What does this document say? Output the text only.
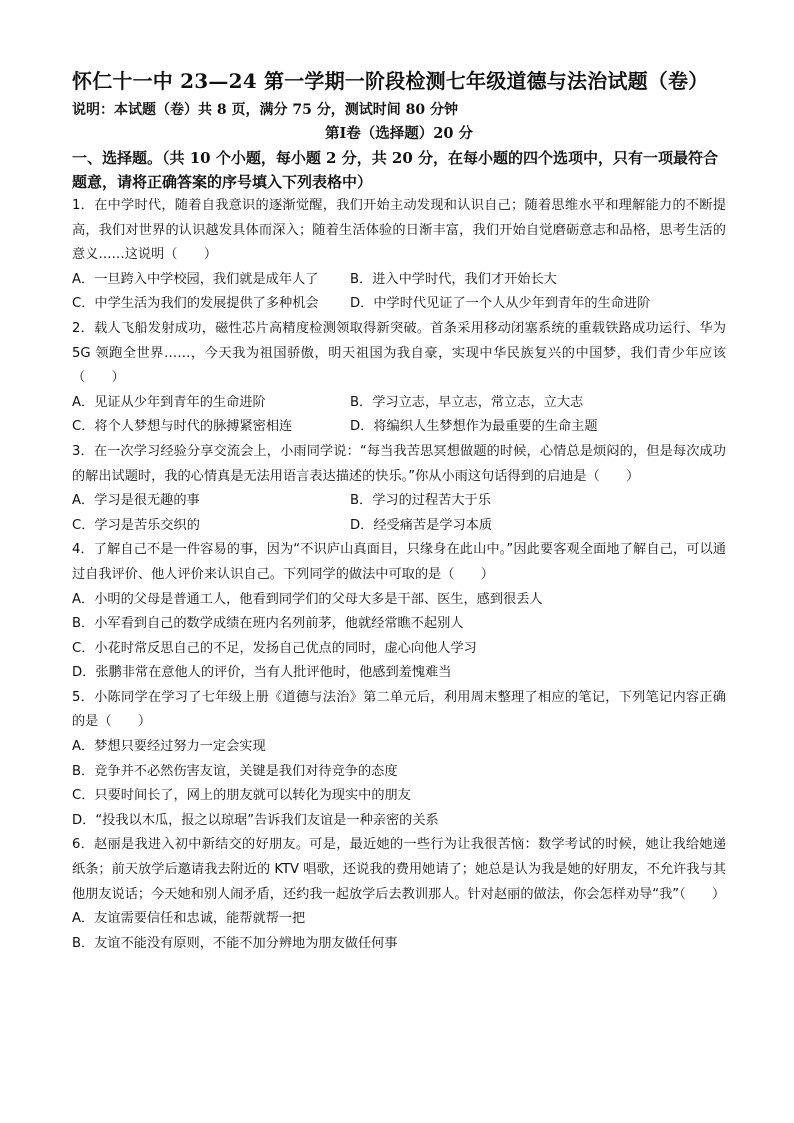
怀仁十一中 23—24 第一学期一阶段检测七年级道德与法治试题（卷）

说明：本试题（卷）共 8 页，满分 75 分，测试时间 80 分钟

第Ⅰ卷（选择题）20 分

一、选择题。（共 10 个小题，每小题 2 分，共 20 分，在每小题的四个选项中，只有一项最符合题意，请将正确答案的序号填入下列表格中）

1．在中学时代，随着自我意识的逐渐觉醒，我们开始主动发现和认识自己；随着思维水平和理解能力的不断提高，我们对世界的认识越发具体而深入；随着生活体验的日渐丰富，我们开始自觉磨砺意志和品格，思考生活的意义……这说明（　　）

A．一旦跨入中学校园，我们就是成年人了	B．进入中学时代，我们才开始长大
C．中学生活为我们的发展提供了多种机会	D．中学时代见证了一个人从少年到青年的生命进阶

2．载人飞船发射成功，磁性芯片高精度检测领取得新突破。首条采用移动闭塞系统的重载铁路成功运行、华为 5G 领跑全世界……，今天我为祖国骄傲，明天祖国为我自豪，实现中华民族复兴的中国梦，我们青少年应该（　　）

A．见证从少年到青年的生命进阶	B．学习立志，早立志，常立志，立大志
C．将个人梦想与时代的脉搏紧密相连	D．将编织人生梦想作为最重要的生命主题

3．在一次学习经验分享交流会上，小雨同学说：“每当我苦思冥想做题的时候，心情总是烦闷的，但是每次成功的解出试题时，我的心情真是无法用语言表达描述的快乐。”你从小雨这句话得到的启迪是（　　）

A．学习是很无趣的事	B．学习的过程苦大于乐
C．学习是苦乐交织的	D．经受痛苦是学习本质

4．了解自己不是一件容易的事，因为“不识庐山真面目，只缘身在此山中。”因此要客观全面地了解自己，可以通过自我评价、他人评价来认识自己。下列同学的做法中可取的是（　　）

A．小明的父母是普通工人，他看到同学们的父母大多是干部、医生，感到很丢人
B．小军看到自己的数学成绩在班内名列前茅，他就经常瞧不起别人
C．小花时常反思自己的不足，发扬自己优点的同时，虚心向他人学习
D．张鹏非常在意他人的评价，当有人批评他时，他感到羞愧难当

5．小陈同学在学习了七年级上册《道德与法治》第二单元后，利用周末整理了相应的笔记，下列笔记内容正确的是（　　）

A．梦想只要经过努力一定会实现
B．竞争并不必然伤害友谊，关键是我们对待竞争的态度
C．只要时间长了，网上的朋友就可以转化为现实中的朋友
D．“投我以木瓜，报之以琼琚”告诉我们友谊是一种亲密的关系

6．赵丽是我进入初中新结交的好朋友。可是，最近她的一些行为让我很苦恼：数学考试的时候，她让我给她递纸条；前天放学后邀请我去附近的 KTV 唱歌，还说我的费用她请了；她总是认为我是她的好朋友，不允许我与其他朋友说话；今天她和别人闹矛盾，还约我一起放学后去教训那人。针对赵丽的做法，你会怎样劝导“我”（　　）

A．友谊需要信任和忠诚，能帮就帮一把
B．友谊不能没有原则，不能不加分辨地为朋友做任何事
